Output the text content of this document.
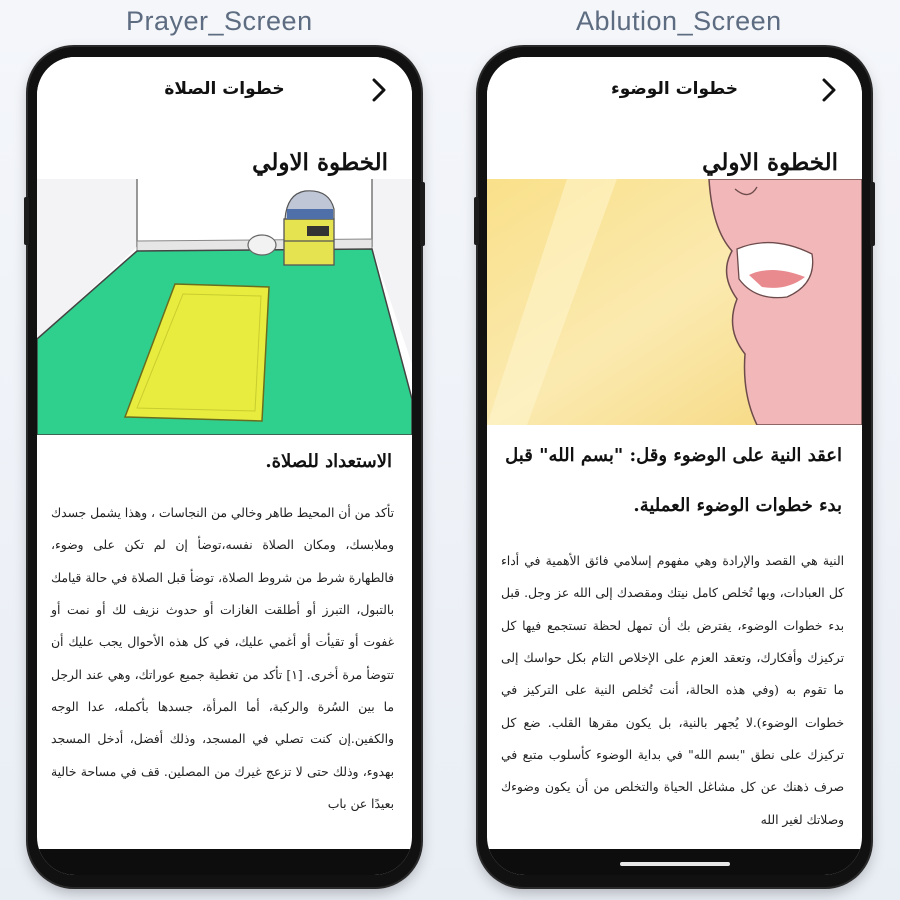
Prayer_Screen	Ablution_Screen
خطوات الصلاة
الخطوة الاولي
الاستعداد للصلاة.
تأكد من أن المحيط طاهر وخالي من النجاسات ، وهذا يشمل جسدك وملابسك، ومكان الصلاة نفسه،توضأ إن لم تكن على وضوء، فالطهارة شرط من شروط الصلاة، توضأ قبل الصلاة في حالة قيامك بالتبول، التبرز أو أطلقت الغازات أو حدوث نزيف لك أو نمت أو غفوت أو تقيأت أو أغمي عليك، في كل هذه الأحوال يجب عليك أن تتوضأ مرة أخرى. [١] تأكد من تغطية جميع عوراتك، وهي عند الرجل ما بين السُرة والركبة، أما المرأة، جسدها بأكمله، عدا الوجه والكفين.إن كنت تصلي في المسجد، وذلك أفضل، أدخل المسجد بهدوء، وذلك حتى لا تزعج غيرك من المصلين. قف في مساحة خالية بعيدًا عن باب
خطوات الوضوء
الخطوة الاولي
اعقد النية على الوضوء وقل: "بسم الله" قبل بدء خطوات الوضوء العملية.
النية هي القصد والإرادة وهي مفهوم إسلامي فائق الأهمية في أداء كل العبادات، وبها تُخلص كامل نيتك ومقصدك إلى الله عز وجل. قبل بدء خطوات الوضوء، يفترض بك أن تمهل لحظة تستجمع فيها كل تركيزك وأفكارك، وتعقد العزم على الإخلاص التام بكل حواسك إلى ما تقوم به (وفي هذه الحالة، أنت تُخلص النية على التركيز في خطوات الوضوء).لا يُجهر بالنية، بل يكون مقرها القلب. ضع كل تركيزك على نطق "بسم الله" في بداية الوضوء كأسلوب متبع في صرف ذهنك عن كل مشاغل الحياة والتخلص من أن يكون وضوءك وصلاتك لغير الله
